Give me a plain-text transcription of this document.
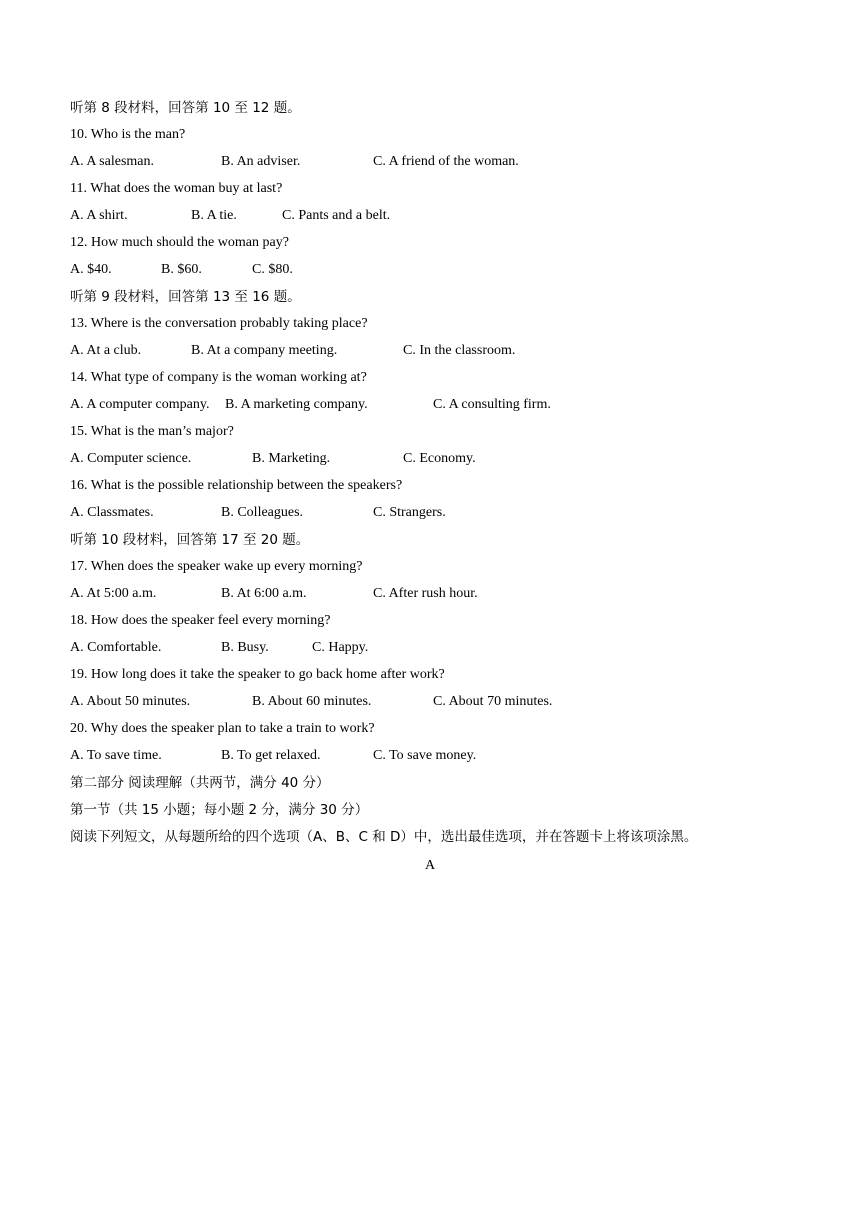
听第 8 段材料，回答第 10 至 12 题。
10. Who is the man?
A. A salesman.	B. An adviser.	C. A friend of the woman.
11. What does the woman buy at last?
A. A shirt.	B. A tie.	C. Pants and a belt.
12. How much should the woman pay?
A. $40.	B. $60.	C. $80.
听第 9 段材料，回答第 13 至 16 题。
13. Where is the conversation probably taking place?
A. At a club.	B. At a company meeting.	C. In the classroom.
14. What type of company is the woman working at?
A. A computer company. B. A marketing company.	C. A consulting firm.
15. What is the man’s major?
A. Computer science.	B. Marketing.	C. Economy.
16. What is the possible relationship between the speakers?
A. Classmates.	B. Colleagues.	C. Strangers.
听第 10 段材料，回答第 17 至 20 题。
17. When does the speaker wake up every morning?
A. At 5:00 a.m.	B. At 6:00 a.m.	C. After rush hour.
18. How does the speaker feel every morning?
A. Comfortable.	B. Busy.	C. Happy.
19. How long does it take the speaker to go back home after work?
A. About 50 minutes.	B. About 60 minutes.	C. About 70 minutes.
20. Why does the speaker plan to take a train to work?
A. To save time.	B. To get relaxed.	C. To save money.
第二部分 阅读理解（共两节，满分 40 分）
第一节（共 15 小题；每小题 2 分，满分 30 分）
阅读下列短文，从每题所给的四个选项（A、B、C 和 D）中，选出最佳选项，并在答题卡上将该项涂黑。
A
